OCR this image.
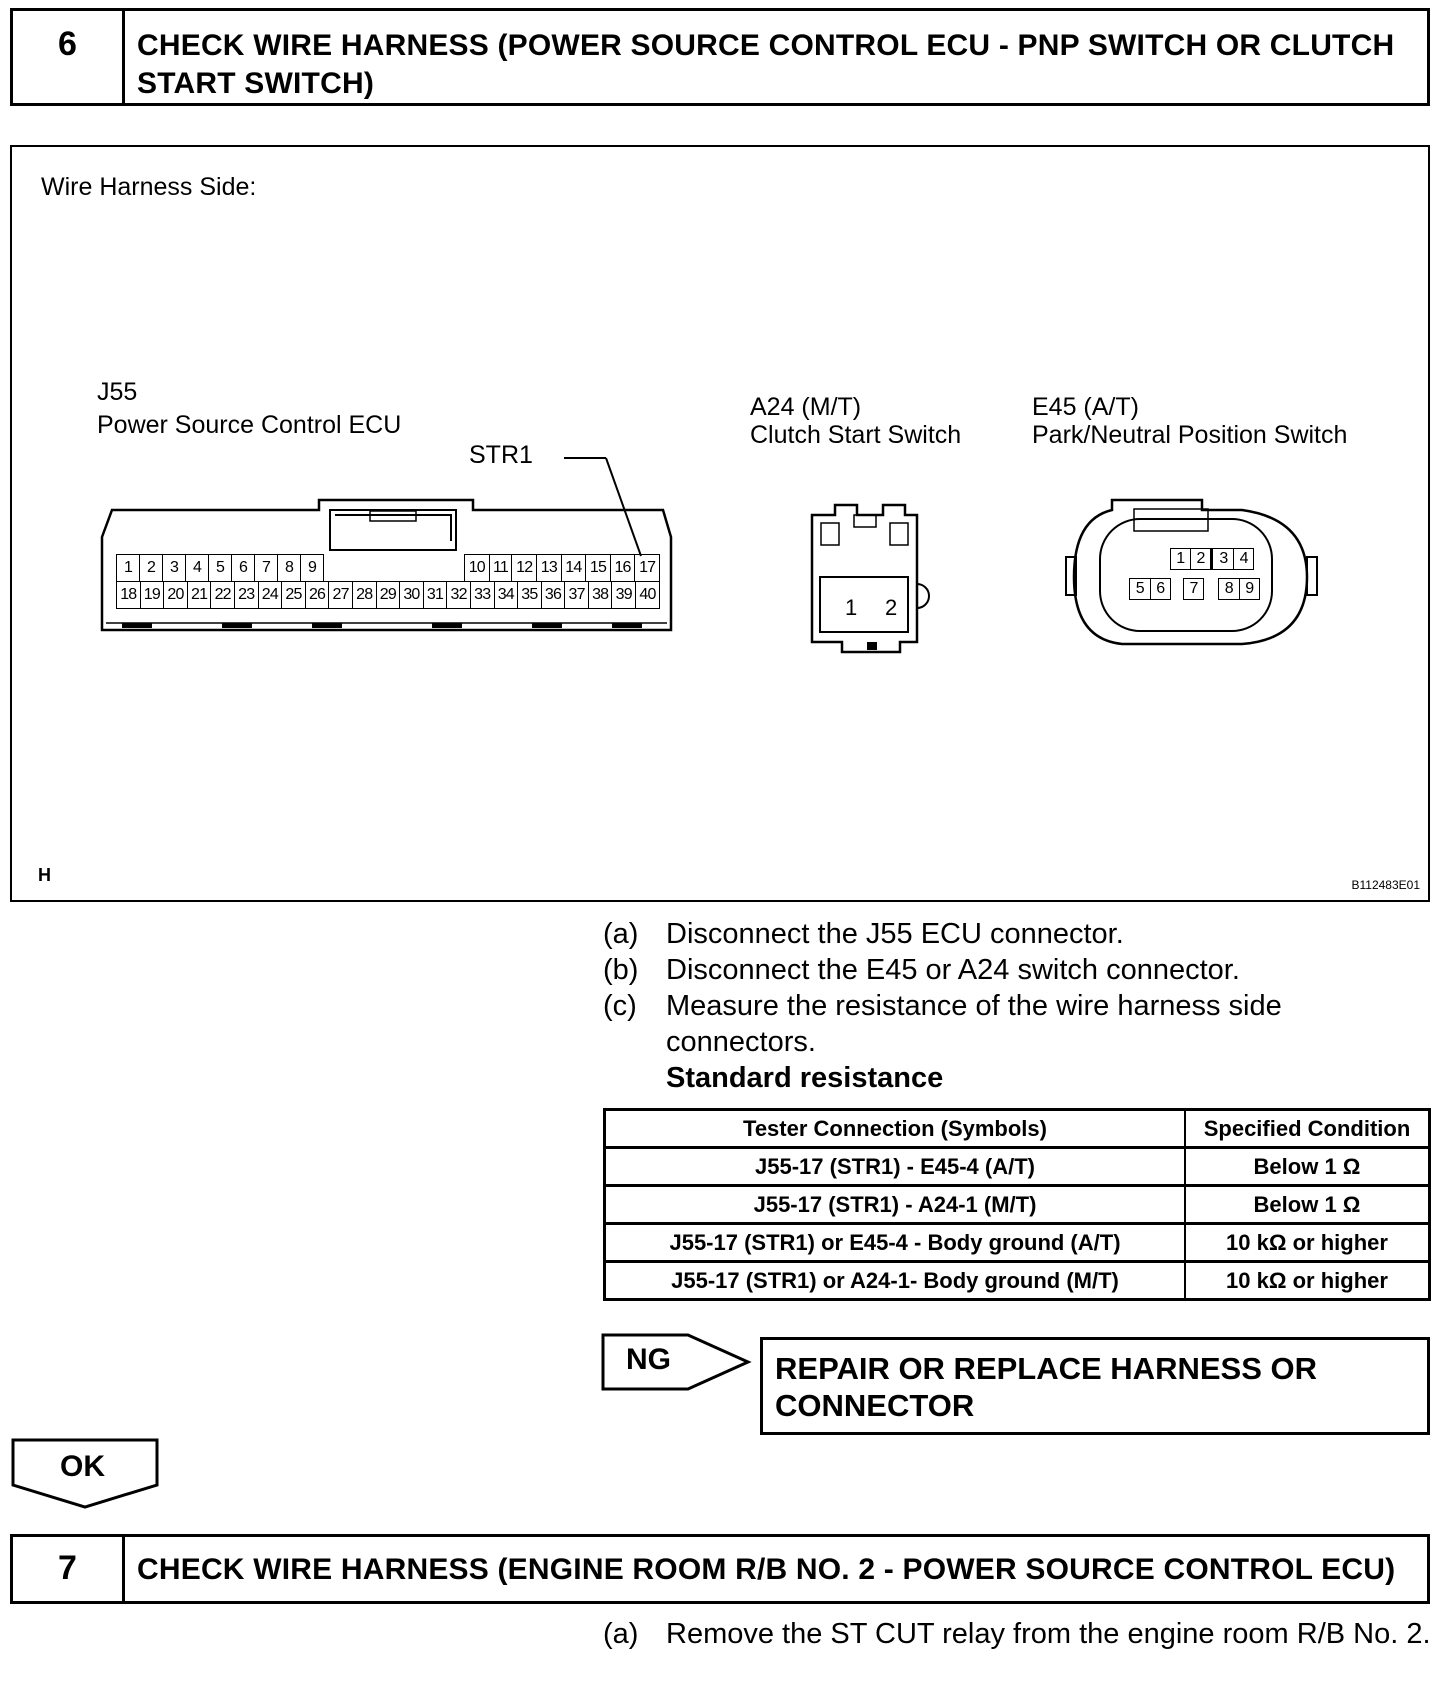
6	CHECK WIRE HARNESS (POWER SOURCE CONTROL ECU - PNP SWITCH OR CLUTCH START SWITCH)
Wire Harness Side:
J55
Power Source Control ECU
STR1
1	2	3	4	5	6	7	8	9	10	11	12	13	14	15	16	17
18	19	20	21	22	23	24	25	26	27	28	29	30	31	32	33	34	35	36	37	38	39	40
A24 (M/T)
Clutch Start Switch
1 2
E45 (A/T)
Park/Neutral Position Switch
1	2	3	4
5	6 7 8	9
H	B112483E01
(a) Disconnect the J55 ECU connector.
(b) Disconnect the E45 or A24 switch connector.
(c) Measure the resistance of the wire harness side connectors.
Standard resistance
Tester Connection (Symbols)	Specified Condition
J55-17 (STR1) - E45-4 (A/T)	Below 1 Ω
J55-17 (STR1) - A24-1 (M/T)	Below 1 Ω
J55-17 (STR1) or E45-4 - Body ground (A/T)	10 kΩ or higher
J55-17 (STR1) or A24-1- Body ground (M/T)	10 kΩ or higher
NG	REPAIR OR REPLACE HARNESS OR CONNECTOR
OK
7	CHECK WIRE HARNESS (ENGINE ROOM R/B NO. 2 - POWER SOURCE CONTROL ECU)
(a) Remove the ST CUT relay from the engine room R/B No. 2.
